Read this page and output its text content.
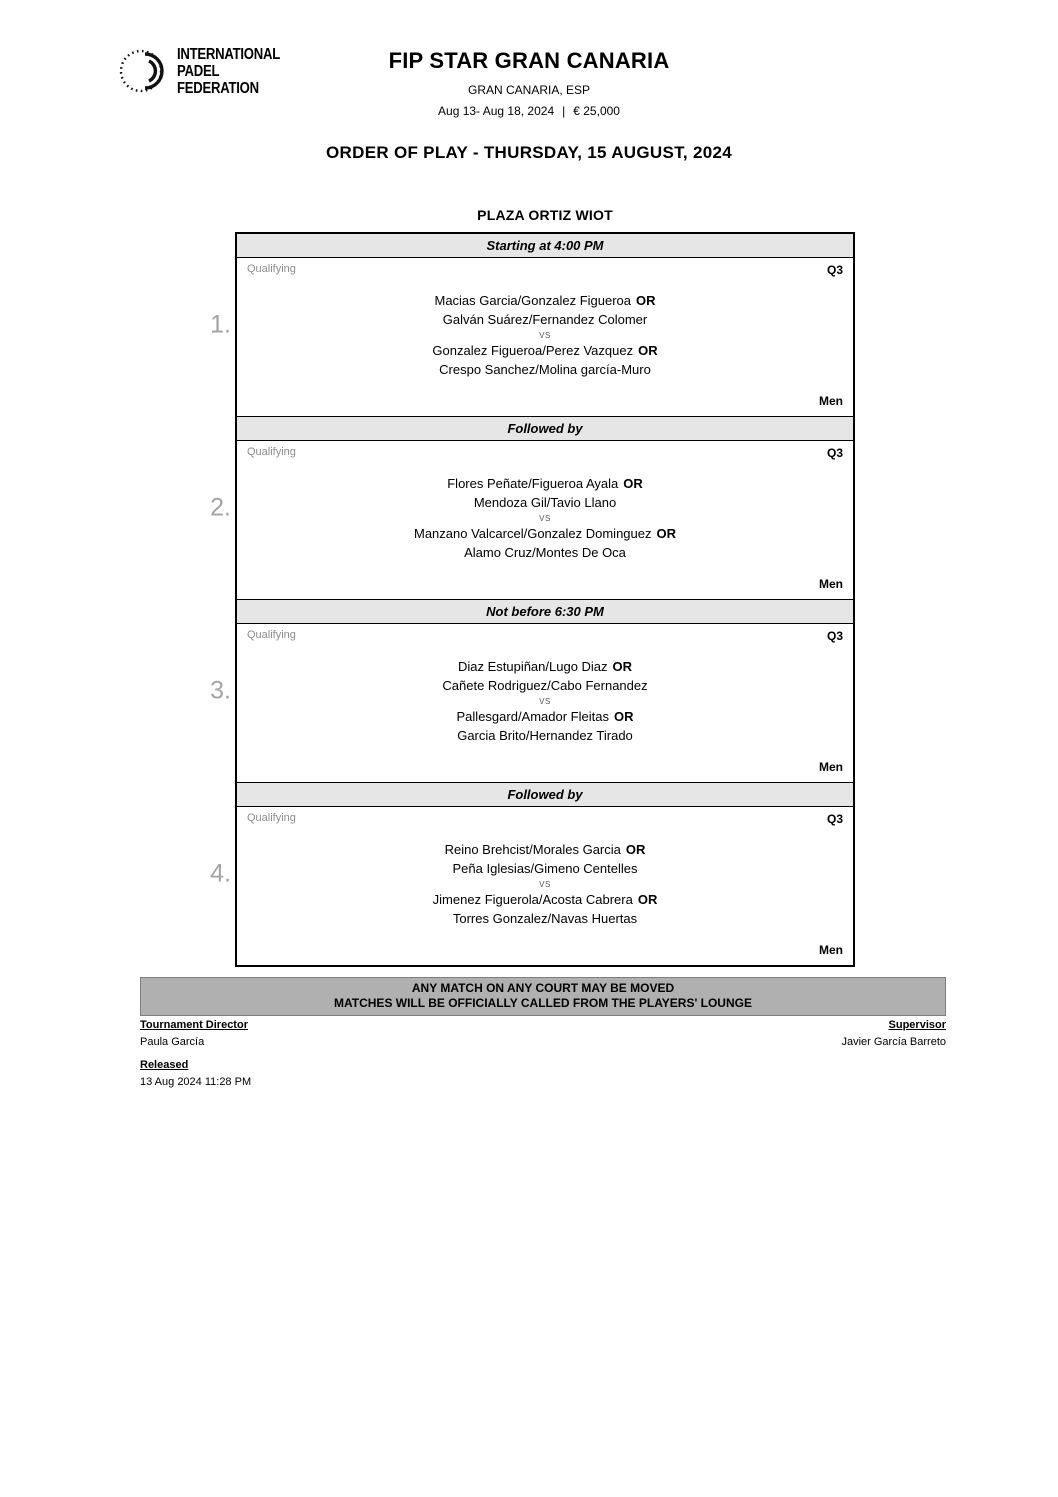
INTERNATIONAL
PADEL
FEDERATION
FIP STAR GRAN CANARIA
GRAN CANARIA, ESP
Aug 13- Aug 18, 2024 | € 25,000
ORDER OF PLAY - THURSDAY, 15 AUGUST, 2024
PLAZA ORTIZ WIOT
1.
Starting at 4:00 PM
Qualifying	Q3
Macias Garcia/Gonzalez Figueroa OR
Galván Suárez/Fernandez Colomer
VS
Gonzalez Figueroa/Perez Vazquez OR
Crespo Sanchez/Molina garcía-Muro
Men
2.
Followed by
Qualifying	Q3
Flores Peñate/Figueroa Ayala OR
Mendoza Gil/Tavio Llano
VS
Manzano Valcarcel/Gonzalez Dominguez OR
Alamo Cruz/Montes De Oca
Men
3.
Not before 6:30 PM
Qualifying	Q3
Diaz Estupiñan/Lugo Diaz OR
Cañete Rodriguez/Cabo Fernandez
VS
Pallesgard/Amador Fleitas OR
Garcia Brito/Hernandez Tirado
Men
4.
Followed by
Qualifying	Q3
Reino Brehcist/Morales Garcia OR
Peña Iglesias/Gimeno Centelles
VS
Jimenez Figuerola/Acosta Cabrera OR
Torres Gonzalez/Navas Huertas
Men
ANY MATCH ON ANY COURT MAY BE MOVED
MATCHES WILL BE OFFICIALLY CALLED FROM THE PLAYERS' LOUNGE
Tournament Director	Supervisor
Paula García	Javier García Barreto
Released
13 Aug 2024 11:28 PM
